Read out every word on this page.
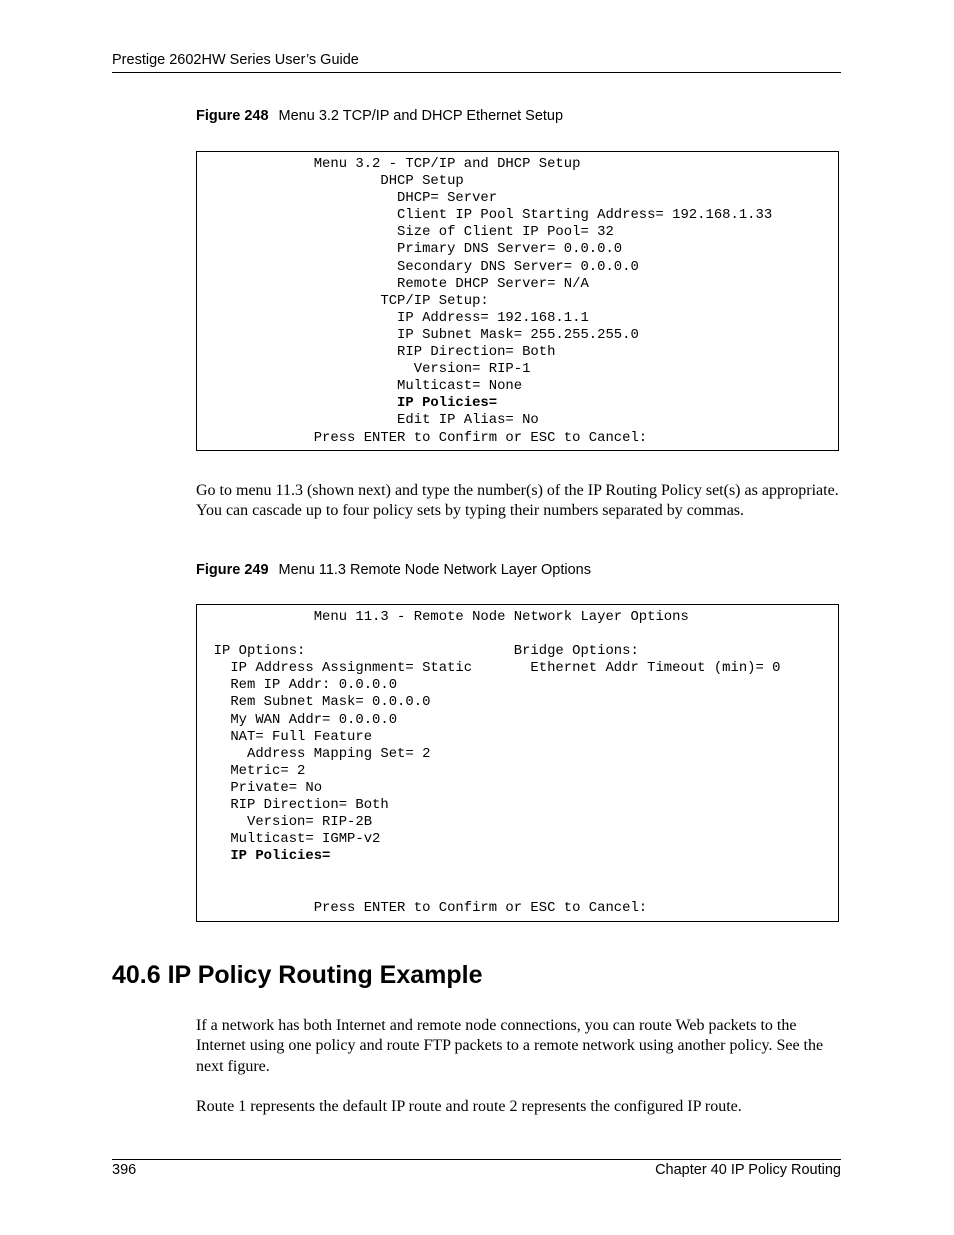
Prestige 2602HW Series User’s Guide
Figure 248 Menu 3.2 TCP/IP and DHCP Ethernet Setup
Menu 3.2 - TCP/IP and DHCP Setup
DHCP Setup
DHCP= Server
Client IP Pool Starting Address= 192.168.1.33
Size of Client IP Pool= 32
Primary DNS Server= 0.0.0.0
Secondary DNS Server= 0.0.0.0
Remote DHCP Server= N/A
TCP/IP Setup:
IP Address= 192.168.1.1
IP Subnet Mask= 255.255.255.0
RIP Direction= Both
Version= RIP-1
Multicast= None
IP Policies=
Edit IP Alias= No
Press ENTER to Confirm or ESC to Cancel:
Go to menu 11.3 (shown next) and type the number(s) of the IP Routing Policy set(s) as appropriate. You can cascade up to four policy sets by typing their numbers separated by commas.
Figure 249 Menu 11.3 Remote Node Network Layer Options
Menu 11.3 - Remote Node Network Layer Options
IP Options:                         Bridge Options:
IP Address Assignment= Static       Ethernet Addr Timeout (min)= 0
Rem IP Addr: 0.0.0.0
Rem Subnet Mask= 0.0.0.0
My WAN Addr= 0.0.0.0
NAT= Full Feature
Address Mapping Set= 2
Metric= 2
Private= No
RIP Direction= Both
Version= RIP-2B
Multicast= IGMP-v2
IP Policies=
Press ENTER to Confirm or ESC to Cancel:
40.6 IP Policy Routing Example
If a network has both Internet and remote node connections, you can route Web packets to the Internet using one policy and route FTP packets to a remote network using another policy. See the next figure.
Route 1 represents the default IP route and route 2 represents the configured IP route.
396	Chapter 40 IP Policy Routing
